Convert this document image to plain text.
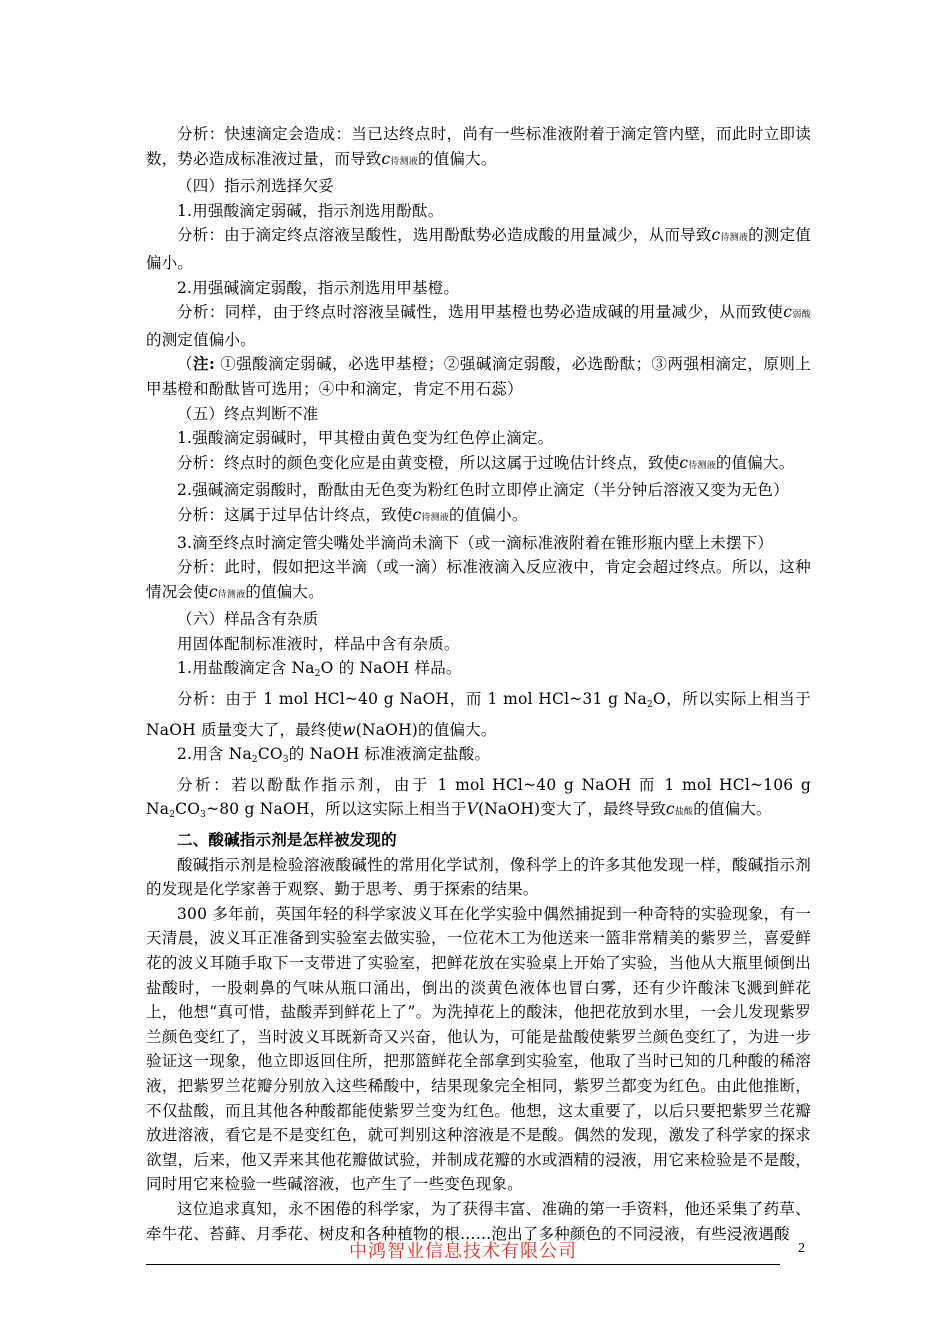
分析：快速滴定会造成：当已达终点时，尚有一些标准液附着于滴定管内壁，而此时立即读数，势必造成标准液过量，而导致c待测液的值偏大。

（四）指示剂选择欠妥

1.用强酸滴定弱碱，指示剂选用酚酞。

分析：由于滴定终点溶液呈酸性，选用酚酞势必造成酸的用量减少，从而导致c待测液的测定值偏小。

2.用强碱滴定弱酸，指示剂选用甲基橙。

分析：同样，由于终点时溶液呈碱性，选用甲基橙也势必造成碱的用量减少，从而致使c弱酸的测定值偏小。

（注: ①强酸滴定弱碱，必选甲基橙；②强碱滴定弱酸，必选酚酞；③两强相滴定，原则上甲基橙和酚酞皆可选用；④中和滴定，肯定不用石蕊）

（五）终点判断不准

1.强酸滴定弱碱时，甲其橙由黄色变为红色停止滴定。

分析：终点时的颜色变化应是由黄变橙，所以这属于过晚估计终点，致使c待测液的值偏大。

2.强碱滴定弱酸时，酚酞由无色变为粉红色时立即停止滴定（半分钟后溶液又变为无色）

分析：这属于过早估计终点，致使c待测液的值偏小。

3.滴至终点时滴定管尖嘴处半滴尚未滴下（或一滴标准液附着在锥形瓶内壁上未摆下）

分析：此时，假如把这半滴（或一滴）标准液滴入反应液中，肯定会超过终点。所以，这种情况会使c待测液的值偏大。

（六）样品含有杂质

用固体配制标准液时，样品中含有杂质。

1.用盐酸滴定含 Na2O 的 NaOH 样品。

分析：由于 1 mol HCl~40 g NaOH，而 1 mol HCl~31 g Na2O，所以实际上相当于 NaOH 质量变大了，最终使w(NaOH)的值偏大。

2.用含 Na2CO3的 NaOH 标准液滴定盐酸。

分析：若以酚酞作指示剂，由于 1 mol HCl~40 g NaOH 而 1 mol HCl~106 g Na2CO3~80 g NaOH，所以这实际上相当于V(NaOH)变大了，最终导致c盐酸的值偏大。

二、酸碱指示剂是怎样被发现的

酸碱指示剂是检验溶液酸碱性的常用化学试剂，像科学上的许多其他发现一样，酸碱指示剂的发现是化学家善于观察、勤于思考、勇于探索的结果。

300 多年前，英国年轻的科学家波义耳在化学实验中偶然捕捉到一种奇特的实验现象，有一天清晨，波义耳正准备到实验室去做实验，一位花木工为他送来一篮非常精美的紫罗兰，喜爱鲜花的波义耳随手取下一支带进了实验室，把鲜花放在实验桌上开始了实验，当他从大瓶里倾倒出盐酸时，一股刺鼻的气味从瓶口涌出，倒出的淡黄色液体也冒白雾，还有少许酸沫飞溅到鲜花上，他想“真可惜，盐酸弄到鲜花上了”。为洗掉花上的酸沫，他把花放到水里，一会儿发现紫罗兰颜色变红了，当时波义耳既新奇又兴奋，他认为，可能是盐酸使紫罗兰颜色变红了，为进一步验证这一现象，他立即返回住所，把那篮鲜花全部拿到实验室，他取了当时已知的几种酸的稀溶液，把紫罗兰花瓣分别放入这些稀酸中，结果现象完全相同，紫罗兰都变为红色。由此他推断，不仅盐酸，而且其他各种酸都能使紫罗兰变为红色。他想，这太重要了，以后只要把紫罗兰花瓣放进溶液，看它是不是变红色，就可判别这种溶液是不是酸。偶然的发现，激发了科学家的探求欲望，后来，他又弄来其他花瓣做试验，并制成花瓣的水或酒精的浸液，用它来检验是不是酸，同时用它来检验一些碱溶液，也产生了一些变色现象。

这位追求真知，永不困倦的科学家，为了获得丰富、准确的第一手资料，他还采集了药草、牵牛花、苔藓、月季花、树皮和各种植物的根……泡出了多种颜色的不同浸液，有些浸液遇酸

中鸿智业信息技术有限公司	2
